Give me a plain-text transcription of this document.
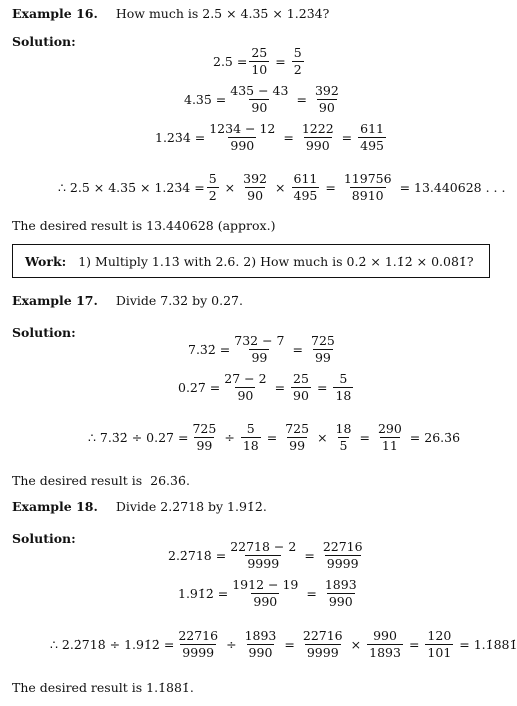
Example 16. How much is 2.5 × 4.35̇ × 1.23̇4̇?
Solution:
$2.5 = \frac{25}{10} = \frac{5}{2}$
4.35̇ = $\frac{435 - 43}{90} = \frac{392}{90}$
1.23̇4̇ = $\frac{1234 - 12}{990} = \frac{1222}{990} = \frac{611}{495}$
∴ 2.5 × 4.35̇ × 1.23̇4̇ = $\frac{5}{2} \times \frac{392}{90} \times \frac{611}{495} = \frac{119756}{8910} = 13.440628$ . . .
The desired result is 13.440628 (approx.)
Work: 1) Multiply 1.13̇ with 2.6. 2) How much is 0.2̇ × 1.1̇2̇ × 0.08̇1̇?
Example 17. Divide 7.3̇2̇ by 0.27̇.
Solution:
7.3̇2̇ = $\frac{732 - 7}{99} = \frac{725}{99}$
0.27̇ = $\frac{27 - 2}{90} = \frac{25}{90} = \frac{5}{18}$
∴ 7.3̇2̇ ÷ 0.27̇ = $\frac{725}{99} \div \frac{5}{18} = \frac{725}{99} \times \frac{18}{5} = \frac{290}{11}$ = 26.3̇6̇
The desired result is 26.3̇6̇.
Example 18. Divide 2.2̇718̇ by 1.91̇2̇.
Solution:
2.2̇718̇ = $\frac{22718 - 2}{9999} = \frac{22716}{9999}$
1.91̇2̇ = $\frac{1912 - 19}{990} = \frac{1893}{990}$
∴ 2.2̇718̇ ÷ 1.91̇2̇ = $\frac{22716}{9999} \div \frac{1893}{990} = \frac{22716}{9999} \times \frac{990}{1893} = \frac{120}{101}$ = 1.1̇881̇
The desired result is 1.1̇881̇.
